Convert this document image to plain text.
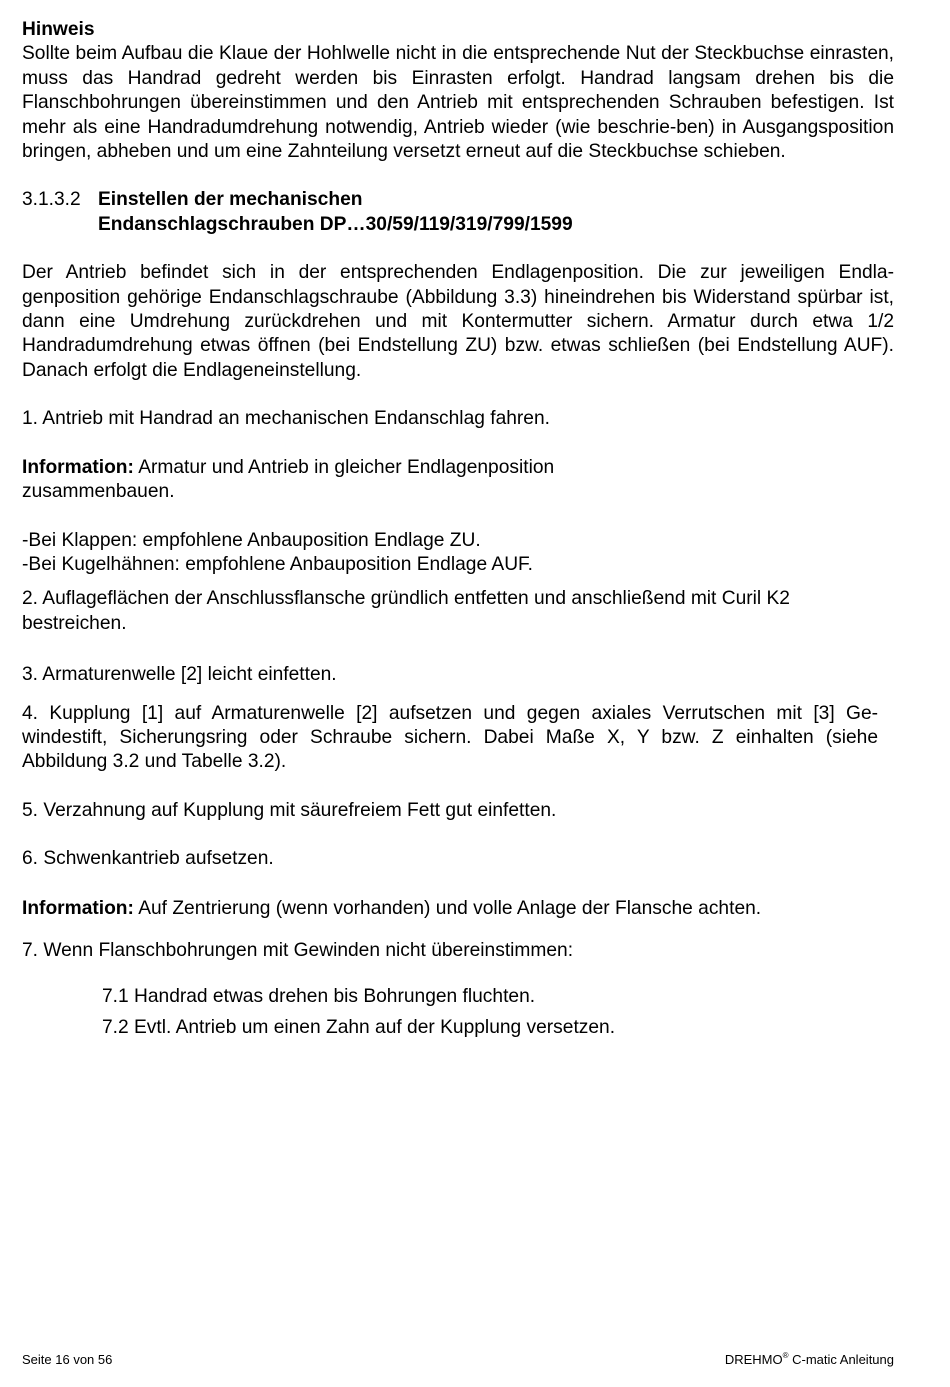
Hinweis

Sollte beim Aufbau die Klaue der Hohlwelle nicht in die entsprechende Nut der Steckbuchse einrasten, muss das Handrad gedreht werden bis Einrasten erfolgt. Handrad langsam drehen bis die Flanschbohrungen übereinstimmen und den Antrieb mit entsprechenden Schrauben befestigen. Ist mehr als eine Handradumdrehung notwendig, Antrieb wieder (wie beschrie-ben) in Ausgangsposition bringen, abheben und um eine Zahnteilung versetzt erneut auf die Steckbuchse schieben.

3.1.3.2 Einstellen der mechanischen
Endanschlagschrauben DP…30/59/119/319/799/1599

Der Antrieb befindet sich in der entsprechenden Endlagenposition. Die zur jeweiligen Endla-genposition gehörige Endanschlagschraube (Abbildung 3.3) hineindrehen bis Widerstand spürbar ist, dann eine Umdrehung zurückdrehen und mit Kontermutter sichern. Armatur durch etwa 1/2 Handradumdrehung etwas öffnen (bei Endstellung ZU) bzw. etwas schließen (bei Endstellung AUF). Danach erfolgt die Endlageneinstellung.

1. Antrieb mit Handrad an mechanischen Endanschlag fahren.

Information: Armatur und Antrieb in gleicher Endlagenposition

zusammenbauen.

-Bei Klappen: empfohlene Anbauposition Endlage ZU.

-Bei Kugelhähnen: empfohlene Anbauposition Endlage AUF.

2. Auflageflächen der Anschlussflansche gründlich entfetten und anschließend mit Curil K2 bestreichen.

3. Armaturenwelle [2] leicht einfetten.

4. Kupplung [1] auf Armaturenwelle [2] aufsetzen und gegen axiales Verrutschen mit [3] Ge-windestift, Sicherungsring oder Schraube sichern. Dabei Maße X, Y bzw. Z einhalten (siehe Abbildung 3.2 und Tabelle 3.2).

5. Verzahnung auf Kupplung mit säurefreiem Fett gut einfetten.

6. Schwenkantrieb aufsetzen.

Information: Auf Zentrierung (wenn vorhanden) und volle Anlage der Flansche achten.

7. Wenn Flanschbohrungen mit Gewinden nicht übereinstimmen:

7.1 Handrad etwas drehen bis Bohrungen fluchten.

7.2 Evtl. Antrieb um einen Zahn auf der Kupplung versetzen.

Seite 16 von 56	DREHMO® C-matic Anleitung
